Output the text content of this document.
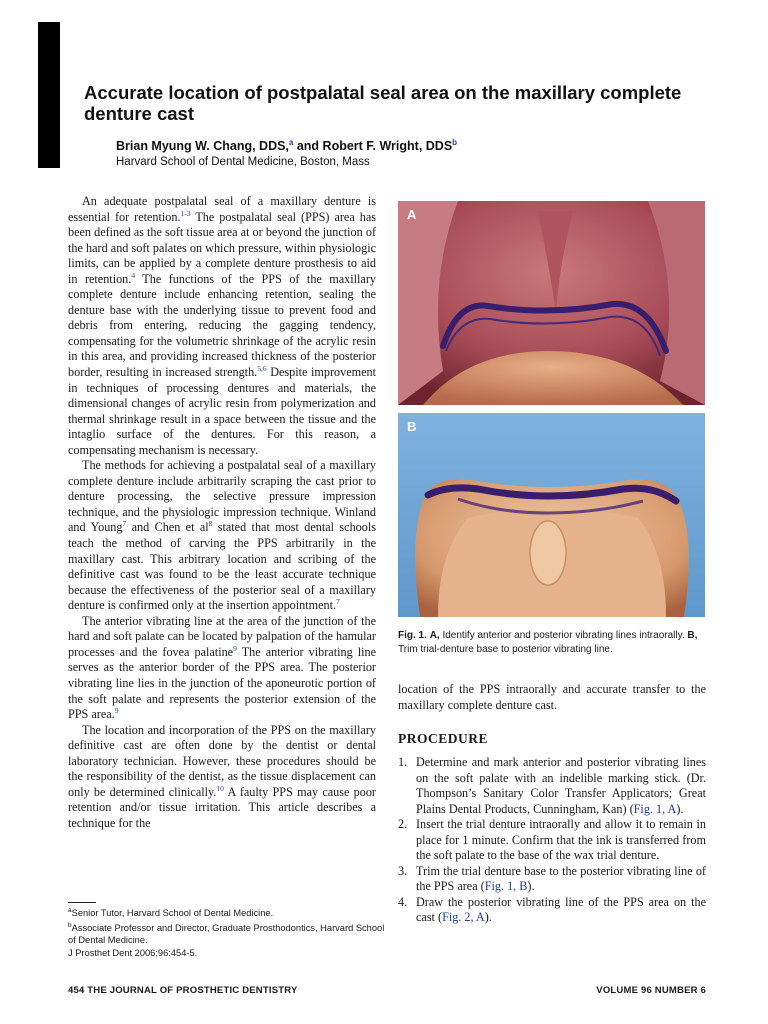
Accurate location of postpalatal seal area on the maxillary complete denture cast

Brian Myung W. Chang, DDS,$^a$ and Robert F. Wright, DDS$^b$

Harvard School of Dental Medicine, Boston, Mass

An adequate postpalatal seal of a maxillary denture is essential for retention.$^{1-3}$ The postpalatal seal (PPS) area has been defined as the soft tissue area at or beyond the junction of the hard and soft palates on which pressure, within physiologic limits, can be applied by a complete denture prosthesis to aid in retention.$^4$ The functions of the PPS of the maxillary complete denture include enhancing retention, sealing the denture base with the underlying tissue to prevent food and debris from entering, reducing the gagging tendency, compensating for the volumetric shrinkage of the acrylic resin in this area, and providing increased thickness of the posterior border, resulting in increased strength.$^{5,6}$ Despite improvement in techniques of processing dentures and materials, the dimensional changes of acrylic resin from polymerization and thermal shrinkage result in a space between the tissue and the intaglio surface of the dentures. For this reason, a compensating mechanism is necessary.

The methods for achieving a postpalatal seal of a maxillary complete denture include arbitrarily scraping the cast prior to denture processing, the selective pressure impression technique, and the physiologic impression technique. Winland and Young$^7$ and Chen et al$^8$ stated that most dental schools teach the method of carving the PPS arbitrarily in the maxillary cast. This arbitrary location and scribing of the definitive cast was found to be the least accurate technique because the effectiveness of the posterior seal of a maxillary denture is confirmed only at the insertion appointment.$^7$

The anterior vibrating line at the area of the junction of the hard and soft palate can be located by palpation of the hamular processes and the fovea palatine$^9$ The anterior vibrating line serves as the anterior border of the PPS area. The posterior vibrating line lies in the junction of the aponeurotic portion of the soft palate and represents the posterior extension of the PPS area.$^9$

The location and incorporation of the PPS on the maxillary definitive cast are often done by the dentist or dental laboratory technician. However, these procedures should be the responsibility of the dentist, as the tissue displacement can only be determined clinically.$^{10}$ A faulty PPS may cause poor retention and/or tissue irritation. This article describes a technique for the

$^a$Senior Tutor, Harvard School of Dental Medicine.

$^b$Associate Professor and Director, Graduate Prosthodontics, Harvard School of Dental Medicine.

J Prosthet Dent 2006;96:454-5.

A
B

Fig. 1. A, Identify anterior and posterior vibrating lines intraorally. B, Trim trial-denture base to posterior vibrating line.

location of the PPS intraorally and accurate transfer to the maxillary complete denture cast.

PROCEDURE
1. Determine and mark anterior and posterior vibrating lines on the soft palate with an indelible marking stick. (Dr. Thompson’s Sanitary Color Transfer Applicators; Great Plains Dental Products, Cunningham, Kan) (Fig. 1, A).
2. Insert the trial denture intraorally and allow it to remain in place for 1 minute. Confirm that the ink is transferred from the soft palate to the base of the wax trial denture.
3. Trim the trial denture base to the posterior vibrating line of the PPS area (Fig. 1, B).
4. Draw the posterior vibrating line of the PPS area on the cast (Fig. 2, A).

454 THE JOURNAL OF PROSTHETIC DENTISTRY	VOLUME 96 NUMBER 6
